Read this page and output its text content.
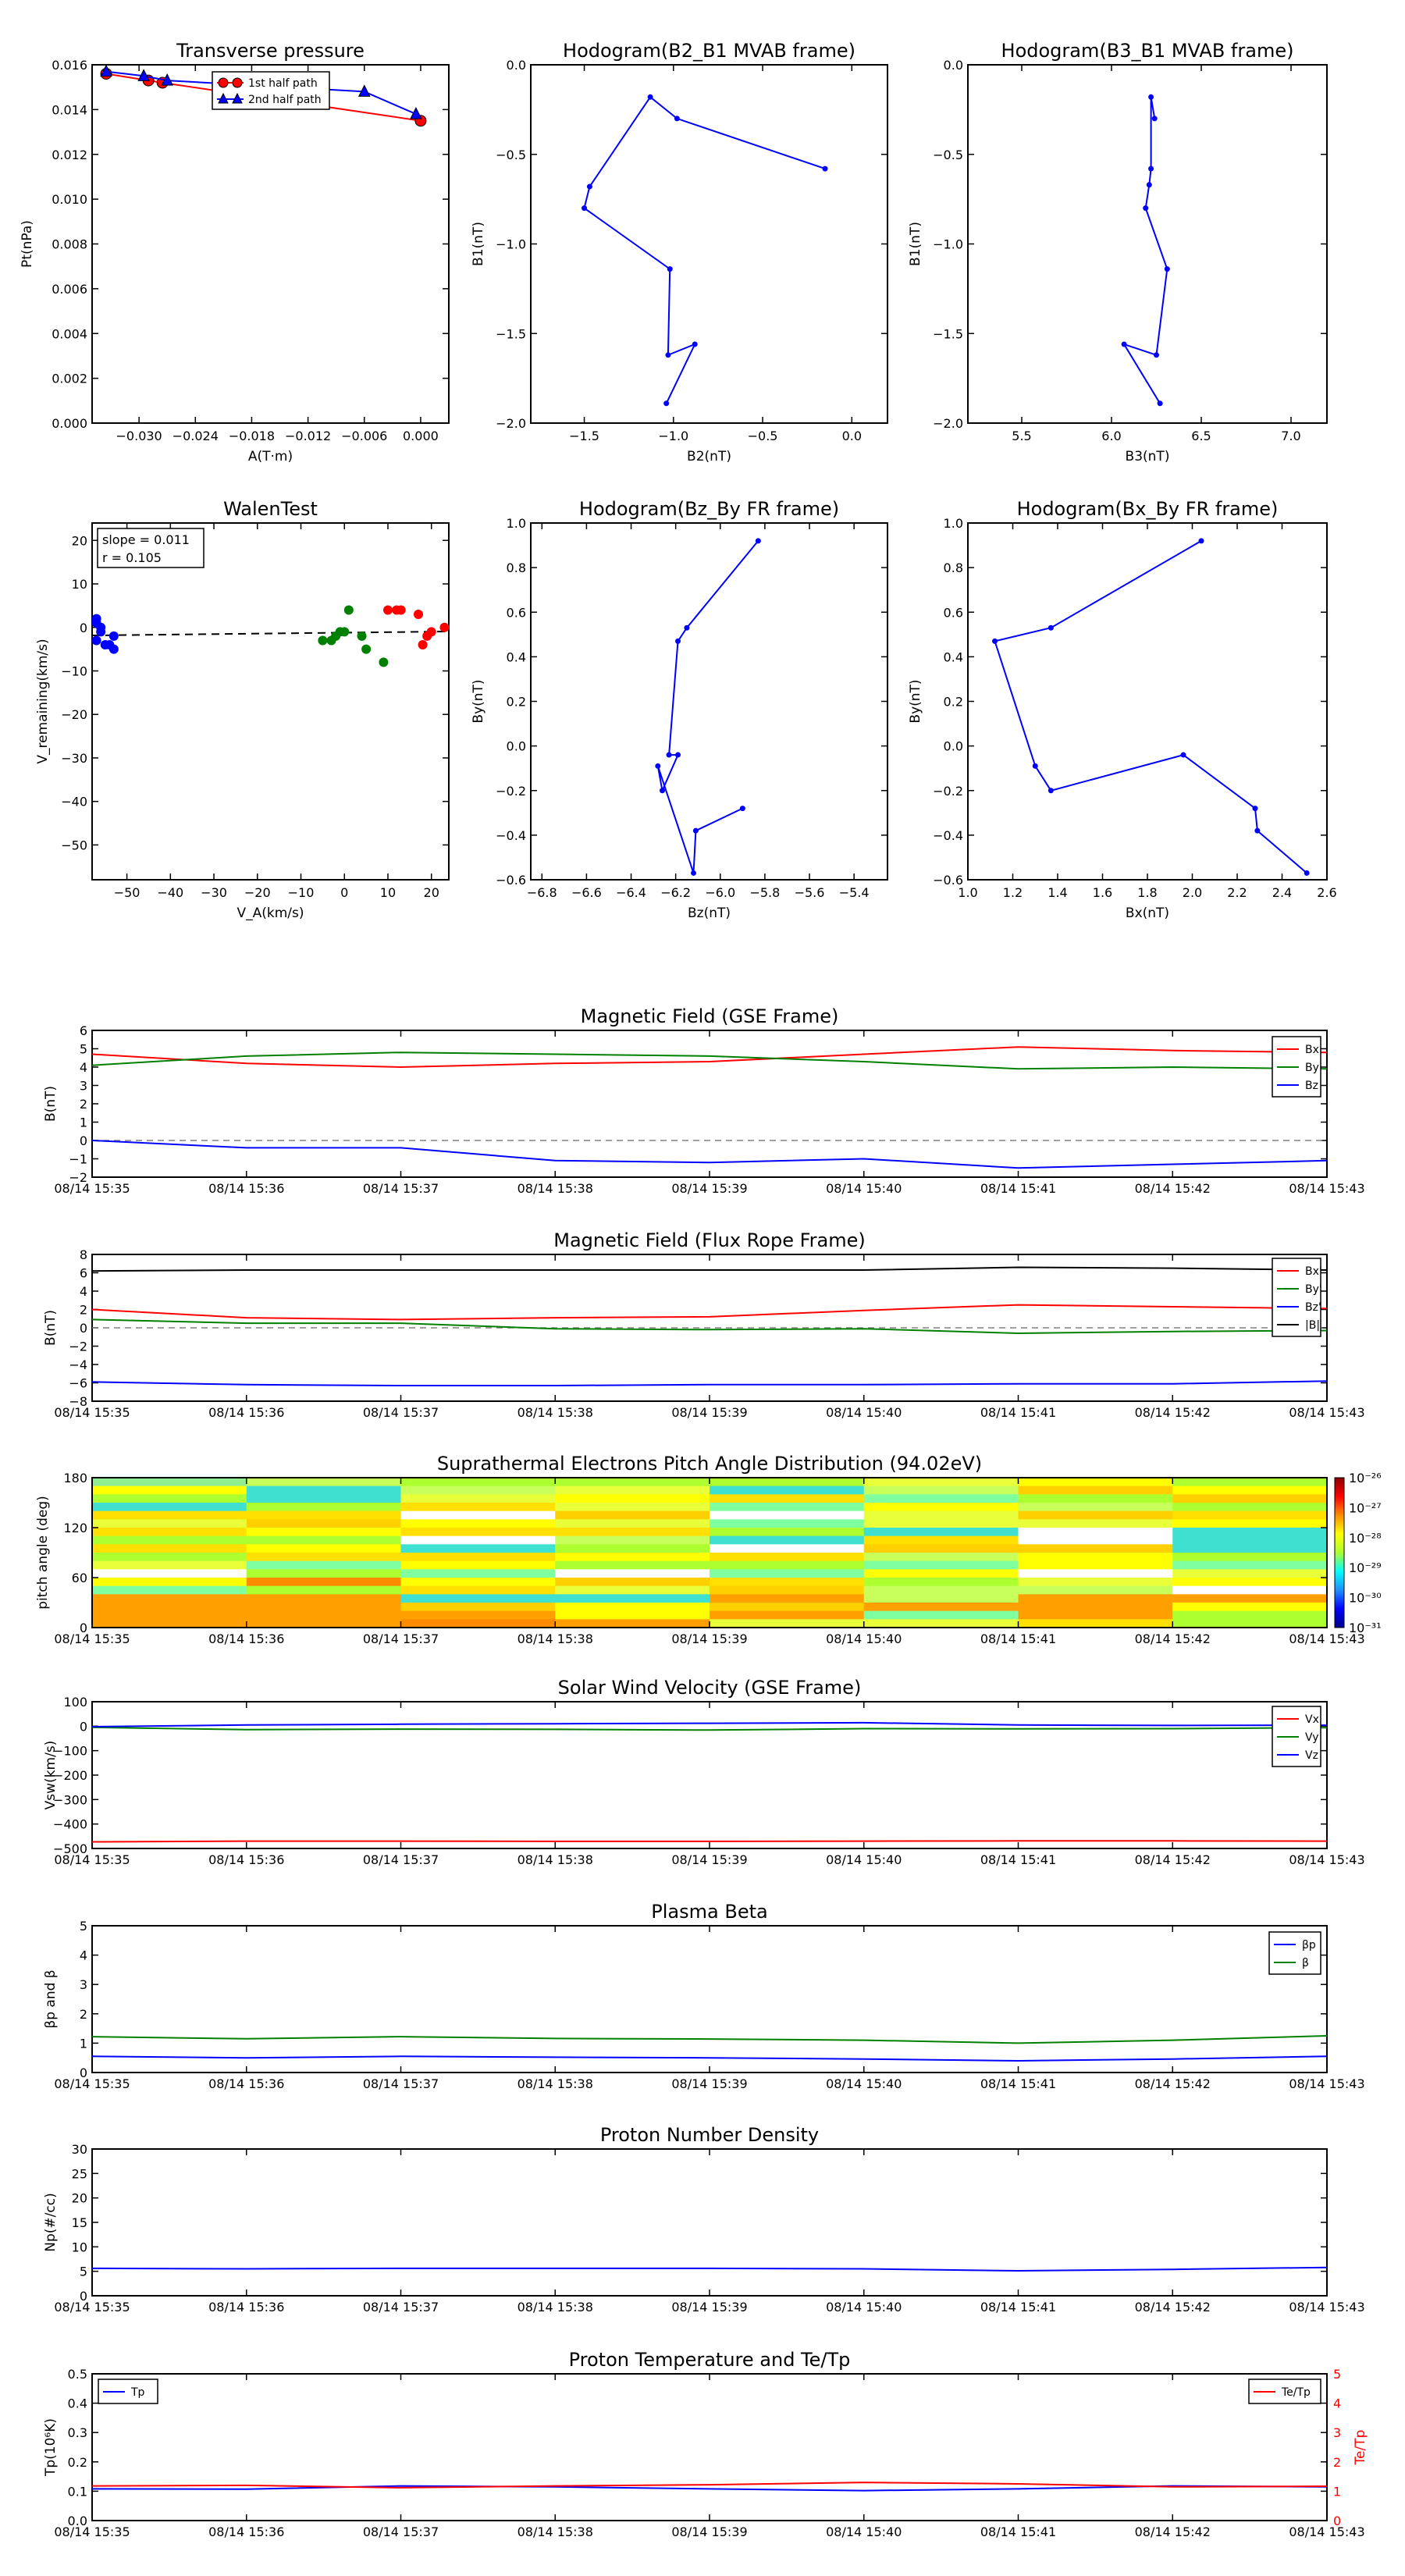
Transverse pressure
0.000
0.002
0.004
0.006
0.008
0.010
0.012
0.014
0.016
−0.030 −0.024 −0.018 −0.012 −0.006 0.000
A(T·m)
Pt(nPa)
1st half path
2nd half path
Hodogram(B2_B1 MVAB frame)
−2.0
−1.5
−1.0
−0.5
0.0
−1.5	−1.0	−0.5	0.0
B2(nT)
B1(nT)
Hodogram(B3_B1 MVAB frame)
−2.0
−1.5
−1.0
−0.5
0.0
5.5	6.0	6.5	7.0
B3(nT)
B1(nT)
Hodogram(Bz_By FR frame)
−0.6
−0.4
−0.2
0.0
0.2
0.4
0.6
0.8
1.0
−6.8 −6.6 −6.4 −6.2 −6.0 −5.8 −5.6 −5.4
Bz(nT)
By(nT)
Hodogram(Bx_By FR frame)
−0.6
−0.4
−0.2
0.0
0.2
0.4
0.6
0.8
1.0
1.0 1.2 1.4 1.6 1.8 2.0 2.2 2.4 2.6
Bx(nT)
By(nT)
WalenTest
−50
−40
−30
−20
−10
0
10
20
−50 −40 −30 −20 −10 0	10 20
V_A(km/s)
V_remaining(km/s)
slope = 0.011
r = 0.105
Magnetic Field (GSE Frame)
−2
−1
0
1
2
3
4
5
6
08/14 15:35	08/14 15:36	08/14 15:37	08/14 15:38	08/14 15:39	08/14 15:40	08/14 15:41	08/14 15:42	08/14 15:43
B(nT)
Bx
By
Bz
Magnetic Field (Flux Rope Frame)
−8
−6
−4
−2
0
2
4
6
8
08/14 15:35	08/14 15:36	08/14 15:37	08/14 15:38	08/14 15:39	08/14 15:40	08/14 15:41	08/14 15:42	08/14 15:43
B(nT)
Bx'
By'
Bz'
|B|
Solar Wind Velocity (GSE Frame)
−500
−400
−300
−200
−100
0
100
08/14 15:35	08/14 15:36	08/14 15:37	08/14 15:38	08/14 15:39	08/14 15:40	08/14 15:41	08/14 15:42	08/14 15:43
Vsw(km/s)
Vx
Vy
Vz
Plasma Beta
0
1
2
3
4
5
08/14 15:35	08/14 15:36	08/14 15:37	08/14 15:38	08/14 15:39	08/14 15:40	08/14 15:41	08/14 15:42	08/14 15:43
βp and β
βp
β
Proton Number Density
0
5
10
15
20
25
30
08/14 15:35	08/14 15:36	08/14 15:37	08/14 15:38	08/14 15:39	08/14 15:40	08/14 15:41	08/14 15:42	08/14 15:43
Np(#/cc)
Proton Temperature and Te/Tp
0.0
0.1
0.2
0.3
0.4
0.5
08/14 15:35	08/14 15:36	08/14 15:37	08/14 15:38	08/14 15:39	08/14 15:40	08/14 15:41	08/14 15:42	08/14 15:43
Tp(10⁶K)
0
1
2
3
4
5
Te/Tp
Tp	Te/Tp
Suprathermal Electrons Pitch Angle Distribution (94.02eV)
0
60
120
180
08/14 15:35	08/14 15:36	08/14 15:37	08/14 15:38	08/14 15:39	08/14 15:40	08/14 15:41	08/14 15:42	08/14 15:43
pitch angle (deg)
10⁻²⁶
10⁻²⁷
10⁻²⁸
10⁻²⁹
10⁻³⁰
10⁻³¹
